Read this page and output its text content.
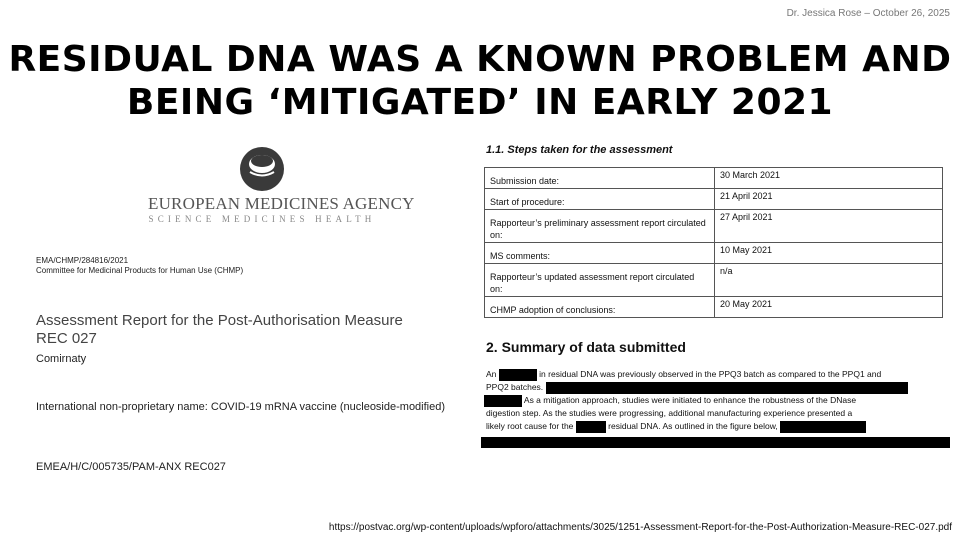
Dr. Jessica Rose – October 26, 2025
RESIDUAL DNA WAS A KNOWN PROBLEM AND
BEING ‘MITIGATED’ IN EARLY 2021
EUROPEAN MEDICINES AGENCY
SCIENCE MEDICINES HEALTH
EMA/CHMP/284816/2021
Committee for Medicinal Products for Human Use (CHMP)
Assessment Report for the Post-Authorisation Measure
REC 027
Comirnaty
International non-proprietary name: COVID-19 mRNA vaccine (nucleoside-modified)
EMEA/H/C/005735/PAM-ANX REC027
1.1. Steps taken for the assessment
Submission date:	30 March 2021

Start of procedure:	21 April 2021

Rapporteur’s preliminary assessment report circulated on:	27 April 2021

MS comments:	10 May 2021

Rapporteur’s updated assessment report circulated on:	n/a

CHMP adoption of conclusions:	20 May 2021
2. Summary of data submitted
An	in residual DNA was previously observed in the PPQ3 batch as compared to the PPQ1 and
PPQ2 batches.
As a mitigation approach, studies were initiated to enhance the robustness of the DNase
digestion step. As the studies were progressing, additional manufacturing experience presented a
likely root cause for the	residual DNA. As outlined in the figure below,
https://postvac.org/wp-content/uploads/wpforo/attachments/3025/1251-Assessment-Report-for-the-Post-Authorization-Measure-REC-027.pdf
